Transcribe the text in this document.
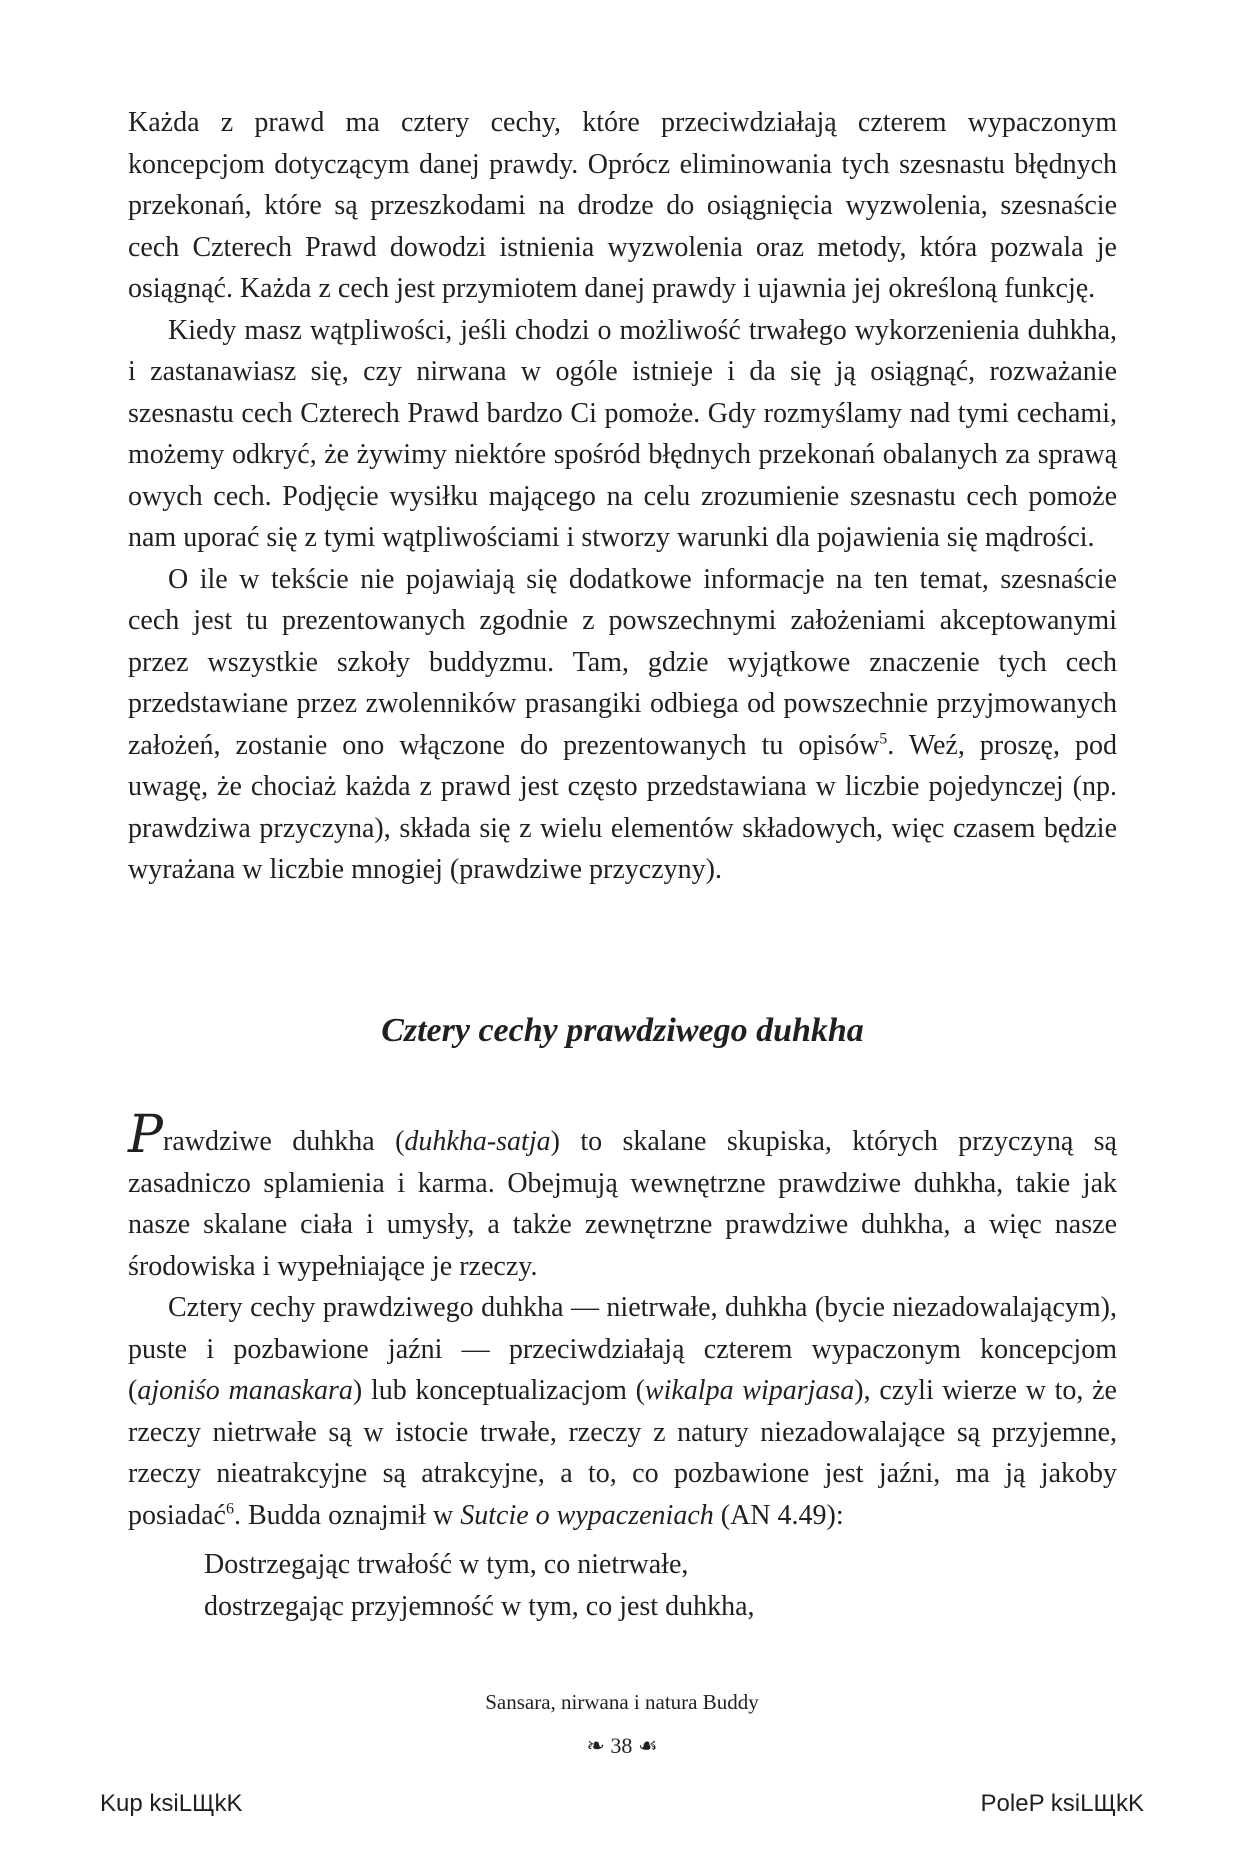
Każda z prawd ma cztery cechy, które przeciwdziałają czterem wypaczonym koncepcjom dotyczącym danej prawdy. Oprócz eliminowania tych szesnastu błędnych przekonań, które są przeszkodami na drodze do osiągnięcia wyzwolenia, szesnaście cech Czterech Prawd dowodzi istnienia wyzwolenia oraz metody, która pozwala je osiągnąć. Każda z cech jest przymiotem danej prawdy i ujawnia jej określoną funkcję.

Kiedy masz wątpliwości, jeśli chodzi o możliwość trwałego wykorzenienia duhkha, i zastanawiasz się, czy nirwana w ogóle istnieje i da się ją osiągnąć, rozważanie szesnastu cech Czterech Prawd bardzo Ci pomoże. Gdy rozmyślamy nad tymi cechami, możemy odkryć, że żywimy niektóre spośród błędnych przekonań obalanych za sprawą owych cech. Podjęcie wysiłku mającego na celu zrozumienie szesnastu cech pomoże nam uporać się z tymi wątpliwościami i stworzy warunki dla pojawienia się mądrości.

O ile w tekście nie pojawiają się dodatkowe informacje na ten temat, szesnaście cech jest tu prezentowanych zgodnie z powszechnymi założeniami akceptowanymi przez wszystkie szkoły buddyzmu. Tam, gdzie wyjątkowe znaczenie tych cech przedstawiane przez zwolenników prasangiki odbiega od powszechnie przyjmowanych założeń, zostanie ono włączone do prezentowanych tu opisów$^5$. Weź, proszę, pod uwagę, że chociaż każda z prawd jest często przedstawiana w liczbie pojedynczej (np. prawdziwa przyczyna), składa się z wielu elementów składowych, więc czasem będzie wyrażana w liczbie mnogiej (prawdziwe przyczyny).

Cztery cechy prawdziwego duhkha

Prawdziwe duhkha (duhkha-satja) to skalane skupiska, których przyczyną są zasadniczo splamienia i karma. Obejmują wewnętrzne prawdziwe duhkha, takie jak nasze skalane ciała i umysły, a także zewnętrzne prawdziwe duhkha, a więc nasze środowiska i wypełniające je rzeczy.

Cztery cechy prawdziwego duhkha — nietrwałe, duhkha (bycie niezadowalającym), puste i pozbawione jaźni — przeciwdziałają czterem wypaczonym koncepcjom (ajoniśo manaskara) lub konceptualizacjom (wikalpa wiparjasa), czyli wierze w to, że rzeczy nietrwałe są w istocie trwałe, rzeczy z natury niezadowalające są przyjemne, rzeczy nieatrakcyjne są atrakcyjne, a to, co pozbawione jest jaźni, ma ją jakoby posiadać$^6$. Budda oznajmił w Sutcie o wypaczeniach (AN 4.49):

Dostrzegając trwałość w tym, co nietrwałe,
dostrzegając przyjemność w tym, co jest duhkha,
Sansara, nirwana i natura Buddy
❧ 38 ☙
Kup ksiLЩkK	PoleP ksiLЩkK
